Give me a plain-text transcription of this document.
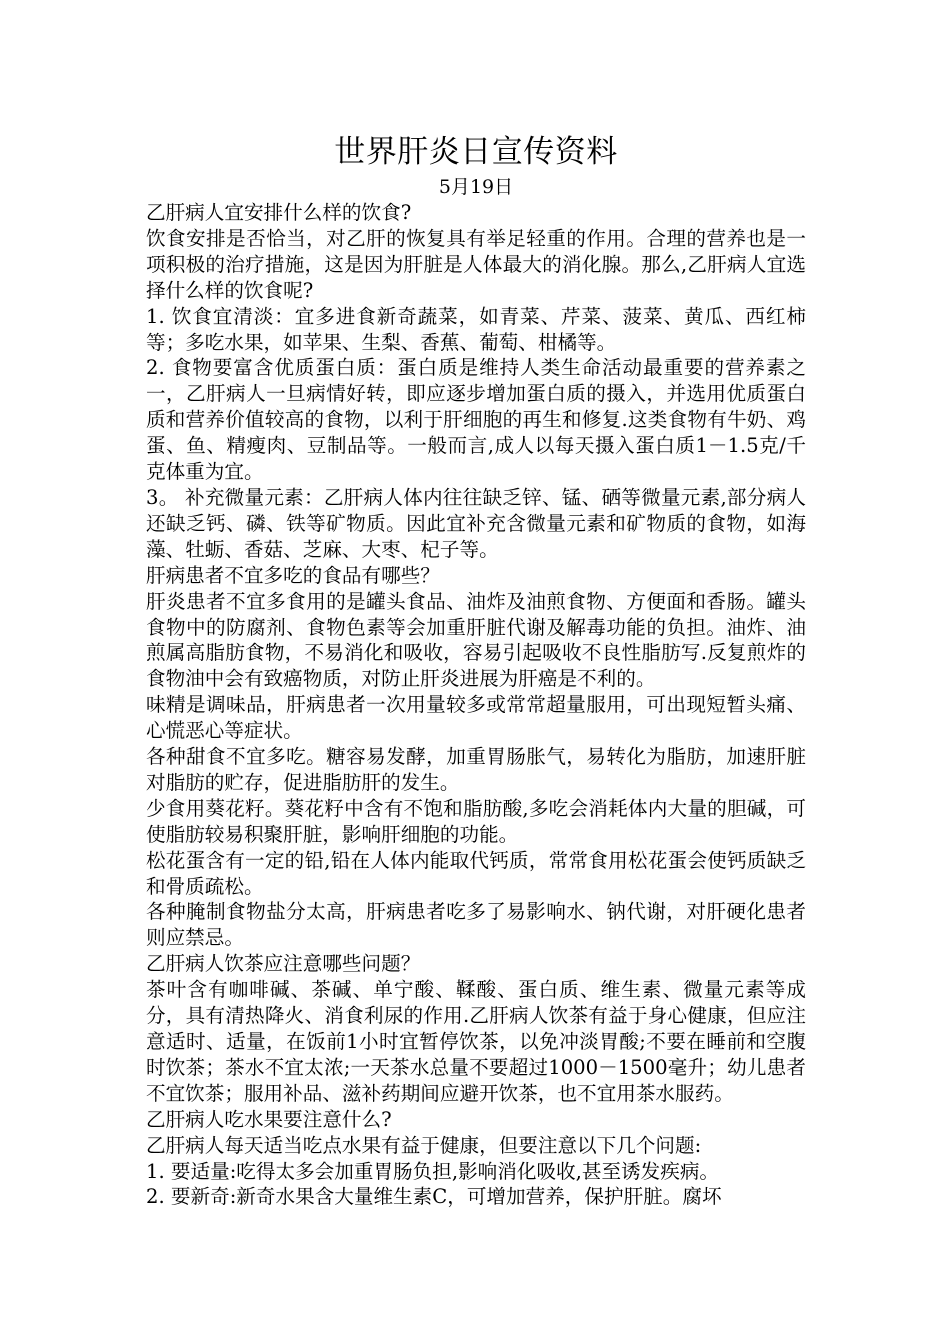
世界肝炎日宣传资料
5月19日

乙肝病人宜安排什么样的饮食?

饮食安排是否恰当，对乙肝的恢复具有举足轻重的作用。合理的营养也是一项积极的治疗措施，这是因为肝脏是人体最大的消化腺。那么,乙肝病人宜选择什么样的饮食呢?

1. 饮食宜清淡：宜多进食新奇蔬菜，如青菜、芹菜、菠菜、黄瓜、西红柿等；多吃水果，如苹果、生梨、香蕉、葡萄、柑橘等。

2. 食物要富含优质蛋白质：蛋白质是维持人类生命活动最重要的营养素之一，乙肝病人一旦病情好转，即应逐步增加蛋白质的摄入，并选用优质蛋白质和营养价值较高的食物，以利于肝细胞的再生和修复.这类食物有牛奶、鸡蛋、鱼、精瘦肉、豆制品等。一般而言,成人以每天摄入蛋白质1－1.5克/千克体重为宜。

3。 补充微量元素：乙肝病人体内往往缺乏锌、锰、硒等微量元素,部分病人还缺乏钙、磷、铁等矿物质。因此宜补充含微量元素和矿物质的食物，如海藻、牡蛎、香菇、芝麻、大枣、杞子等。

肝病患者不宜多吃的食品有哪些？

肝炎患者不宜多食用的是罐头食品、油炸及油煎食物、方便面和香肠。罐头食物中的防腐剂、食物色素等会加重肝脏代谢及解毒功能的负担。油炸、油煎属高脂肪食物，不易消化和吸收，容易引起吸收不良性脂肪写.反复煎炸的食物油中会有致癌物质，对防止肝炎进展为肝癌是不利的。

味精是调味品，肝病患者一次用量较多或常常超量服用，可出现短暂头痛、心慌恶心等症状。

各种甜食不宜多吃。糖容易发酵，加重胃肠胀气，易转化为脂肪，加速肝脏对脂肪的贮存，促进脂肪肝的发生。

少食用葵花籽。葵花籽中含有不饱和脂肪酸,多吃会消耗体内大量的胆碱，可使脂肪较易积聚肝脏，影响肝细胞的功能。

松花蛋含有一定的铅,铅在人体内能取代钙质，常常食用松花蛋会使钙质缺乏和骨质疏松。

各种腌制食物盐分太高，肝病患者吃多了易影响水、钠代谢，对肝硬化患者则应禁忌。

乙肝病人饮茶应注意哪些问题？

茶叶含有咖啡碱、茶碱、单宁酸、鞣酸、蛋白质、维生素、微量元素等成分，具有清热降火、消食利尿的作用.乙肝病人饮茶有益于身心健康，但应注意适时、适量，在饭前1小时宜暂停饮茶，以免冲淡胃酸;不要在睡前和空腹时饮茶；茶水不宜太浓;一天茶水总量不要超过1000－1500毫升；幼儿患者不宜饮茶；服用补品、滋补药期间应避开饮茶，也不宜用茶水服药。

乙肝病人吃水果要注意什么?

乙肝病人每天适当吃点水果有益于健康，但要注意以下几个问题:

1. 要适量:吃得太多会加重胃肠负担,影响消化吸收,甚至诱发疾病。

2. 要新奇:新奇水果含大量维生素C，可增加营养，保护肝脏。腐坏
